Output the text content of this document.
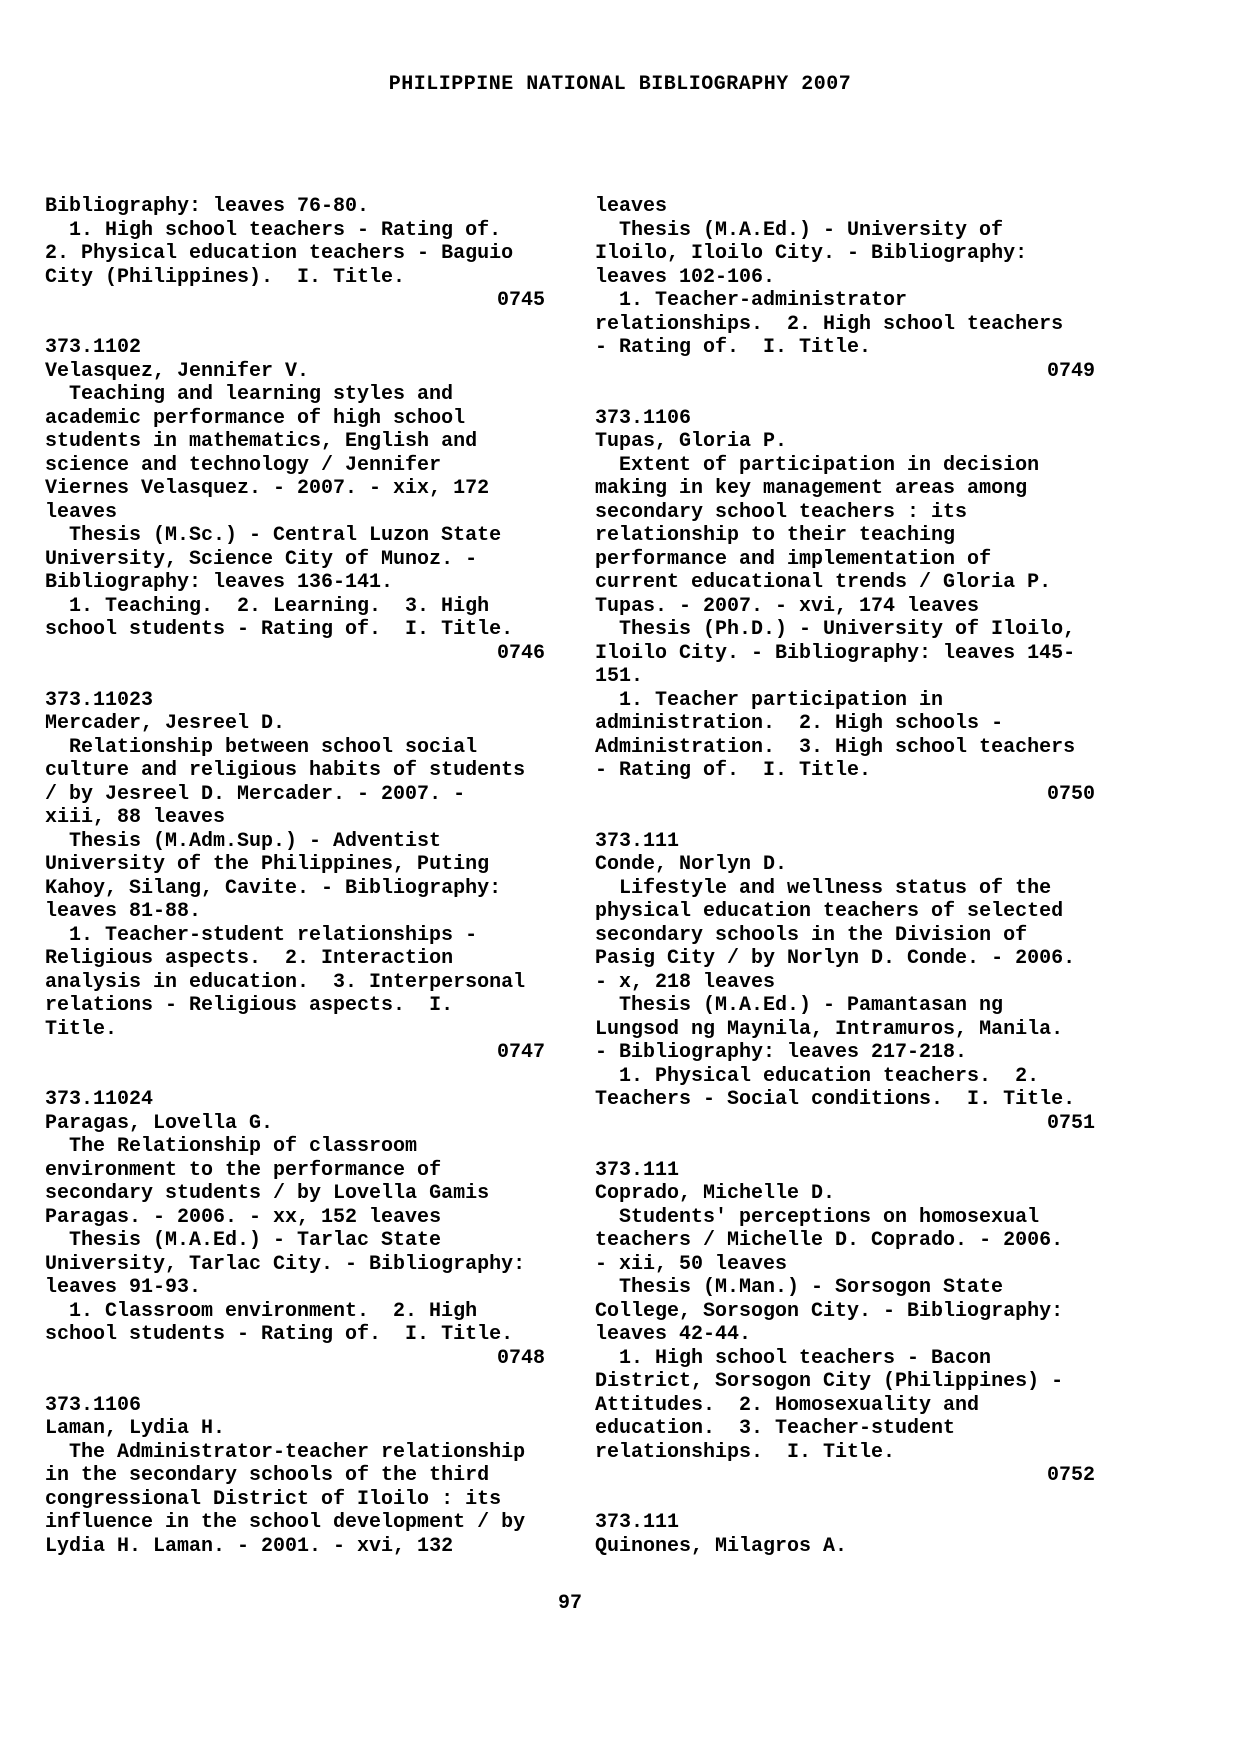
PHILIPPINE NATIONAL BIBLIOGRAPHY 2007
Bibliography: leaves 76-80.
1. High school teachers - Rating of.
2. Physical education teachers - Baguio
City (Philippines).  I. Title.
0745
373.1102
Velasquez, Jennifer V.
Teaching and learning styles and
academic performance of high school
students in mathematics, English and
science and technology / Jennifer
Viernes Velasquez. - 2007. - xix, 172
leaves
Thesis (M.Sc.) - Central Luzon State
University, Science City of Munoz. -
Bibliography: leaves 136-141.
1. Teaching.  2. Learning.  3. High
school students - Rating of.  I. Title.
0746
373.11023
Mercader, Jesreel D.
Relationship between school social
culture and religious habits of students
/ by Jesreel D. Mercader. - 2007. -
xiii, 88 leaves
Thesis (M.Adm.Sup.) - Adventist
University of the Philippines, Puting
Kahoy, Silang, Cavite. - Bibliography:
leaves 81-88.
1. Teacher-student relationships -
Religious aspects.  2. Interaction
analysis in education.  3. Interpersonal
relations - Religious aspects.  I.
Title.
0747
373.11024
Paragas, Lovella G.
The Relationship of classroom
environment to the performance of
secondary students / by Lovella Gamis
Paragas. - 2006. - xx, 152 leaves
Thesis (M.A.Ed.) - Tarlac State
University, Tarlac City. - Bibliography:
leaves 91-93.
1. Classroom environment.  2. High
school students - Rating of.  I. Title.
0748
373.1106
Laman, Lydia H.
The Administrator-teacher relationship
in the secondary schools of the third
congressional District of Iloilo : its
influence in the school development / by
Lydia H. Laman. - 2001. - xvi, 132
leaves
Thesis (M.A.Ed.) - University of
Iloilo, Iloilo City. - Bibliography:
leaves 102-106.
1. Teacher-administrator
relationships.  2. High school teachers
- Rating of.  I. Title.
0749
373.1106
Tupas, Gloria P.
Extent of participation in decision
making in key management areas among
secondary school teachers : its
relationship to their teaching
performance and implementation of
current educational trends / Gloria P.
Tupas. - 2007. - xvi, 174 leaves
Thesis (Ph.D.) - University of Iloilo,
Iloilo City. - Bibliography: leaves 145-
151.
1. Teacher participation in
administration.  2. High schools -
Administration.  3. High school teachers
- Rating of.  I. Title.
0750
373.111
Conde, Norlyn D.
Lifestyle and wellness status of the
physical education teachers of selected
secondary schools in the Division of
Pasig City / by Norlyn D. Conde. - 2006.
- x, 218 leaves
Thesis (M.A.Ed.) - Pamantasan ng
Lungsod ng Maynila, Intramuros, Manila.
- Bibliography: leaves 217-218.
1. Physical education teachers.  2.
Teachers - Social conditions.  I. Title.
0751
373.111
Coprado, Michelle D.
Students' perceptions on homosexual
teachers / Michelle D. Coprado. - 2006.
- xii, 50 leaves
Thesis (M.Man.) - Sorsogon State
College, Sorsogon City. - Bibliography:
leaves 42-44.
1. High school teachers - Bacon
District, Sorsogon City (Philippines) -
Attitudes.  2. Homosexuality and
education.  3. Teacher-student
relationships.  I. Title.
0752
373.111
Quinones, Milagros A.
97
